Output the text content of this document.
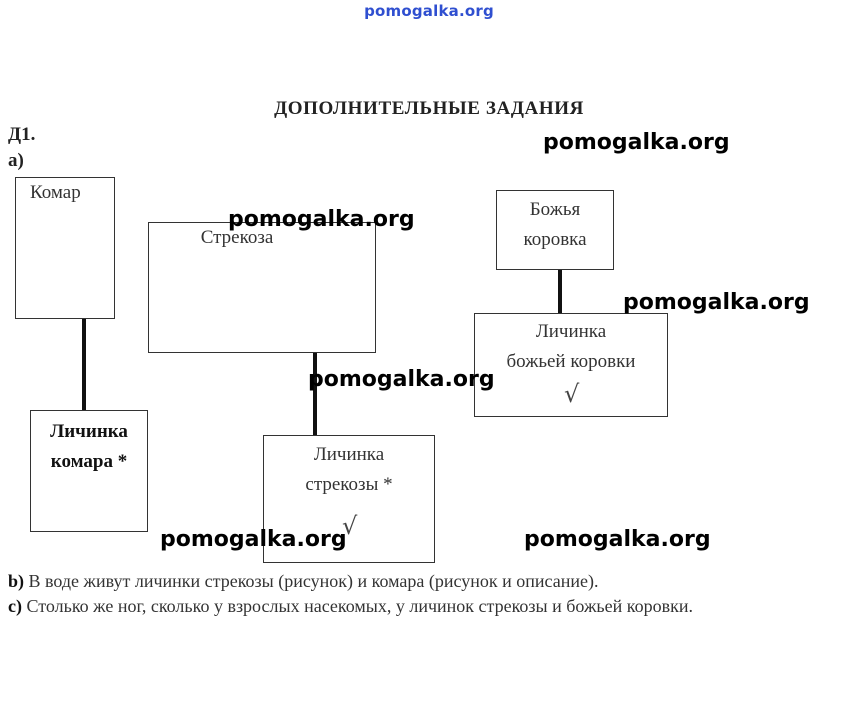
pomogalka.org
ДОПОЛНИТЕЛЬНЫЕ ЗАДАНИЯ
Д1.
а)
Комар
Стрекоза
Божья
коровка
Личинка
комара *	Личинка
стрекозы *
Личинка
божьей коровки
√
√
pomogalka.org
pomogalka.org
pomogalka.org
pomogalka.org
pomogalka.org	pomogalka.org
b) В воде живут личинки стрекозы (рисунок) и комара (рисунок и описание).
c) Столько же ног, сколько у взрослых насекомых, у личинок стрекозы и божьей коровки.
